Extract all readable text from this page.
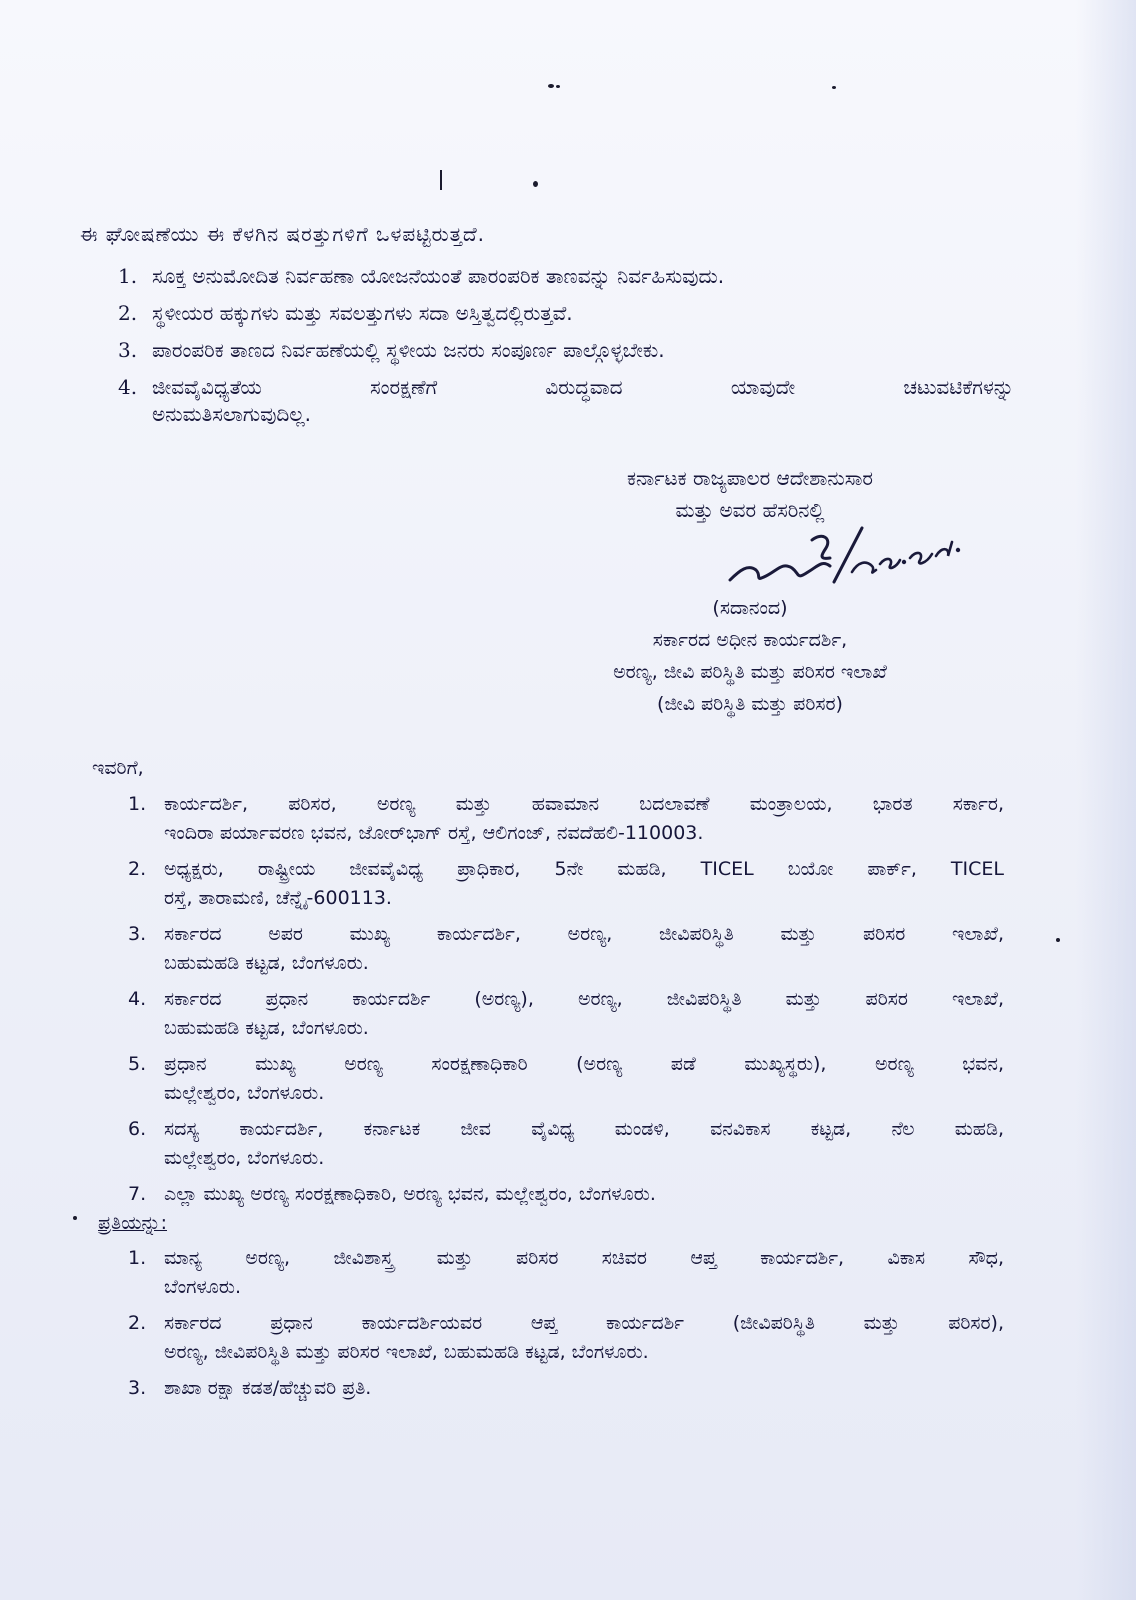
ಈ ಘೋಷಣೆಯು ಈ ಕೆಳಗಿನ ಷರತ್ತುಗಳಿಗೆ ಒಳಪಟ್ಟಿರುತ್ತದೆ.
1. ಸೂಕ್ತ ಅನುಮೋದಿತ ನಿರ್ವಹಣಾ ಯೋಜನೆಯಂತೆ ಪಾರಂಪರಿಕ ತಾಣವನ್ನು ನಿರ್ವಹಿಸುವುದು.
2. ಸ್ಥಳೀಯರ ಹಕ್ಕುಗಳು ಮತ್ತು ಸವಲತ್ತುಗಳು ಸದಾ ಅಸ್ತಿತ್ವದಲ್ಲಿರುತ್ತವೆ.
3. ಪಾರಂಪರಿಕ ತಾಣದ ನಿರ್ವಹಣೆಯಲ್ಲಿ ಸ್ಥಳೀಯ ಜನರು ಸಂಪೂರ್ಣ ಪಾಲ್ಗೊಳ್ಳಬೇಕು.
4. ಜೀವವೈವಿಧ್ಯತೆಯ ಸಂರಕ್ಷಣೆಗೆ ವಿರುದ್ಧವಾದ ಯಾವುದೇ ಚಟುವಟಿಕೆಗಳನ್ನು
ಅನುಮತಿಸಲಾಗುವುದಿಲ್ಲ.
ಕರ್ನಾಟಕ ರಾಜ್ಯಪಾಲರ ಆದೇಶಾನುಸಾರ
ಮತ್ತು ಅವರ ಹೆಸರಿನಲ್ಲಿ
(ಸದಾನಂದ)
ಸರ್ಕಾರದ ಅಧೀನ ಕಾರ್ಯದರ್ಶಿ,
ಅರಣ್ಯ, ಜೀವಿ ಪರಿಸ್ಥಿತಿ ಮತ್ತು ಪರಿಸರ ಇಲಾಖೆ
(ಜೀವಿ ಪರಿಸ್ಥಿತಿ ಮತ್ತು ಪರಿಸರ)
ಇವರಿಗೆ,
1. ಕಾರ್ಯದರ್ಶಿ, ಪರಿಸರ, ಅರಣ್ಯ ಮತ್ತು ಹವಾಮಾನ ಬದಲಾವಣೆ ಮಂತ್ರಾಲಯ, ಭಾರತ ಸರ್ಕಾರ,
ಇಂದಿರಾ ಪರ್ಯಾವರಣ ಭವನ, ಜೋರ್‌ಭಾಗ್ ರಸ್ತೆ, ಆಲಿಗಂಜ್, ನವದೆಹಲಿ-110003.
2. ಅಧ್ಯಕ್ಷರು, ರಾಷ್ಟ್ರೀಯ ಜೀವವೈವಿಧ್ಯ ಪ್ರಾಧಿಕಾರ, 5ನೇ ಮಹಡಿ, TICEL ಬಯೋ ಪಾರ್ಕ್, TICEL
ರಸ್ತೆ, ತಾರಾಮಣಿ, ಚೆನ್ನೈ-600113.
3. ಸರ್ಕಾರದ ಅಪರ ಮುಖ್ಯ ಕಾರ್ಯದರ್ಶಿ, ಅರಣ್ಯ, ಜೀವಿಪರಿಸ್ಥಿತಿ ಮತ್ತು ಪರಿಸರ ಇಲಾಖೆ,
ಬಹುಮಹಡಿ ಕಟ್ಟಡ, ಬೆಂಗಳೂರು.
4. ಸರ್ಕಾರದ ಪ್ರಧಾನ ಕಾರ್ಯದರ್ಶಿ (ಅರಣ್ಯ), ಅರಣ್ಯ, ಜೀವಿಪರಿಸ್ಥಿತಿ ಮತ್ತು ಪರಿಸರ ಇಲಾಖೆ,
ಬಹುಮಹಡಿ ಕಟ್ಟಡ, ಬೆಂಗಳೂರು.
5. ಪ್ರಧಾನ ಮುಖ್ಯ ಅರಣ್ಯ ಸಂರಕ್ಷಣಾಧಿಕಾರಿ (ಅರಣ್ಯ ಪಡೆ ಮುಖ್ಯಸ್ಥರು), ಅರಣ್ಯ ಭವನ,
ಮಲ್ಲೇಶ್ವರಂ, ಬೆಂಗಳೂರು.
6. ಸದಸ್ಯ ಕಾರ್ಯದರ್ಶಿ, ಕರ್ನಾಟಕ ಜೀವ ವೈವಿಧ್ಯ ಮಂಡಳಿ, ವನವಿಕಾಸ ಕಟ್ಟಡ, ನೆಲ ಮಹಡಿ,
ಮಲ್ಲೇಶ್ವರಂ, ಬೆಂಗಳೂರು.
7. ಎಲ್ಲಾ ಮುಖ್ಯ ಅರಣ್ಯ ಸಂರಕ್ಷಣಾಧಿಕಾರಿ, ಅರಣ್ಯ ಭವನ, ಮಲ್ಲೇಶ್ವರಂ, ಬೆಂಗಳೂರು.
ಪ್ರತಿಯನ್ನು:
1. ಮಾನ್ಯ ಅರಣ್ಯ, ಜೀವಿಶಾಸ್ತ್ರ ಮತ್ತು ಪರಿಸರ ಸಚಿವರ ಆಪ್ತ ಕಾರ್ಯದರ್ಶಿ, ವಿಕಾಸ ಸೌಧ,
ಬೆಂಗಳೂರು.
2. ಸರ್ಕಾರದ ಪ್ರಧಾನ ಕಾರ್ಯದರ್ಶಿಯವರ ಆಪ್ತ ಕಾರ್ಯದರ್ಶಿ (ಜೀವಿಪರಿಸ್ಥಿತಿ ಮತ್ತು ಪರಿಸರ),
ಅರಣ್ಯ, ಜೀವಿಪರಿಸ್ಥಿತಿ ಮತ್ತು ಪರಿಸರ ಇಲಾಖೆ, ಬಹುಮಹಡಿ ಕಟ್ಟಡ, ಬೆಂಗಳೂರು.
3. ಶಾಖಾ ರಕ್ಷಾ ಕಡತ/ಹೆಚ್ಚುವರಿ ಪ್ರತಿ.
